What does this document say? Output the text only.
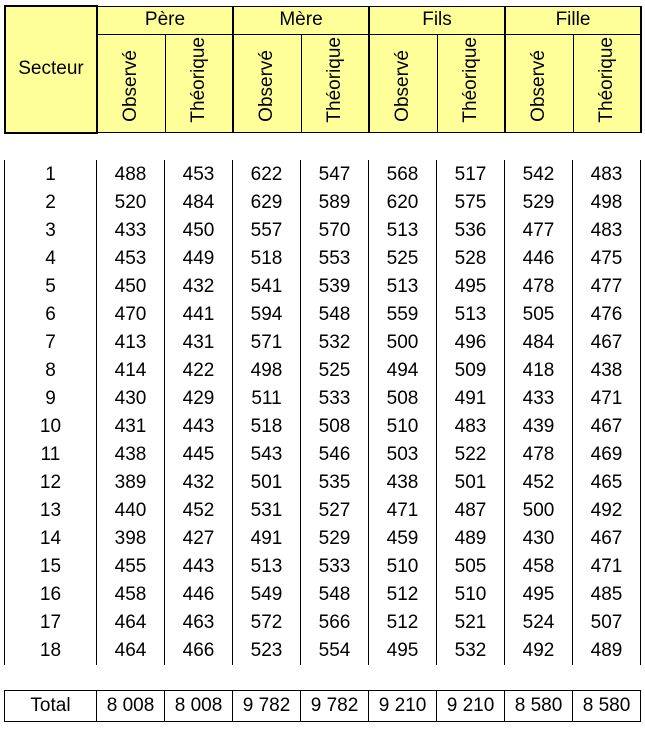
Secteur	Père		Mère		Fils		Fille	
	Observé	Théorique	Observé	Théorique	Observé	Théorique	Observé	Théorique
1	488	453	622	547	568	517	542	483
2	520	484	629	589	620	575	529	498
3	433	450	557	570	513	536	477	483
4	453	449	518	553	525	528	446	475
5	450	432	541	539	513	495	478	477
6	470	441	594	548	559	513	505	476
7	413	431	571	532	500	496	484	467
8	414	422	498	525	494	509	418	438
9	430	429	511	533	508	491	433	471
10	431	443	518	508	510	483	439	467
11	438	445	543	546	503	522	478	469
12	389	432	501	535	438	501	452	465
13	440	452	531	527	471	487	500	492
14	398	427	491	529	459	489	430	467
15	455	443	513	533	510	505	458	471
16	458	446	549	548	512	510	495	485
17	464	463	572	566	512	521	524	507
18	464	466	523	554	495	532	492	489
Total	8 008	8 008	9 782	9 782	9 210	9 210	8 580	8 580
